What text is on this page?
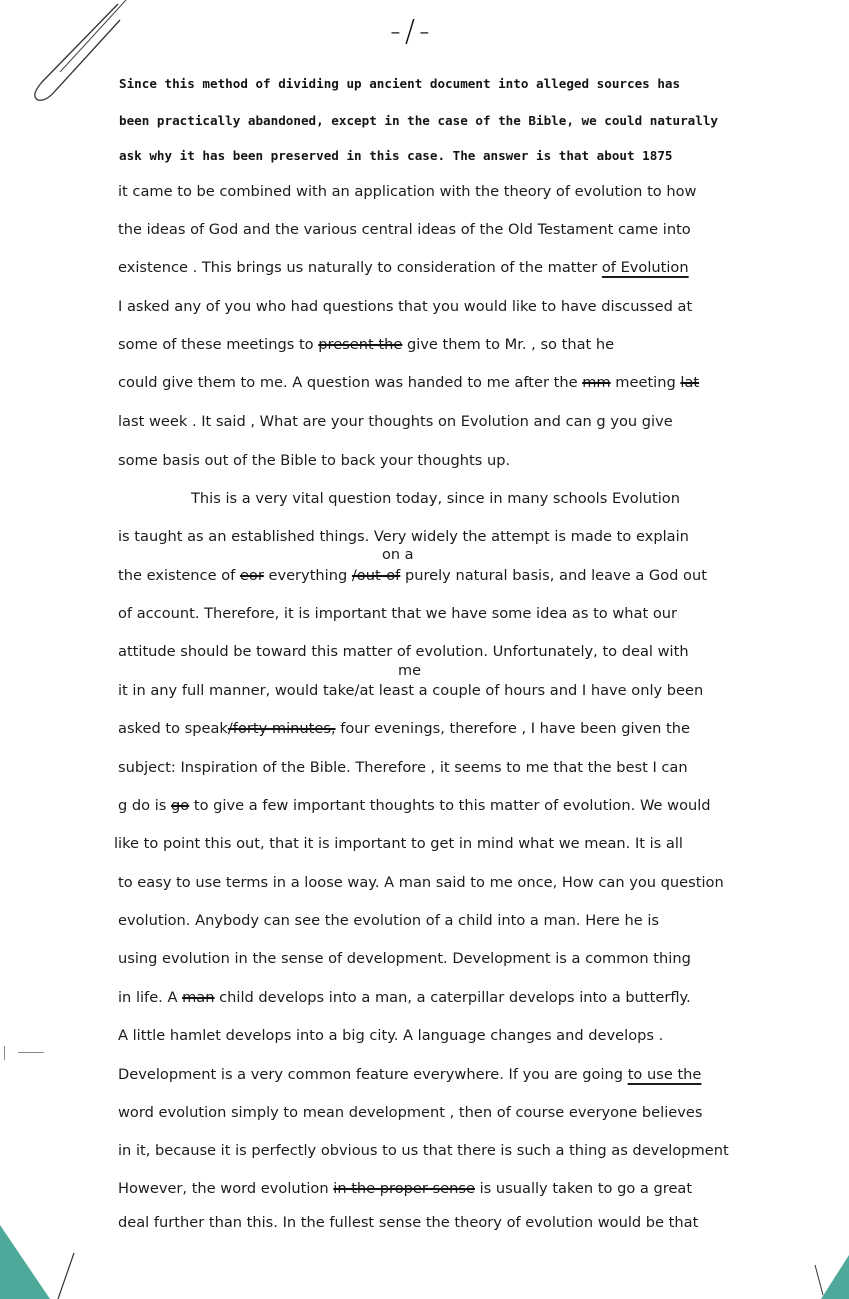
-/-
Since this method of dividing up ancient document into alleged sources has
been practically abandoned, except in the case of the Bible, we could naturally
ask why it has been preserved in this case. The answer is that about 1875
it came to be combined with an application with the theory of evolution to how
the ideas of God and the various central ideas of the Old Testament came into
existence . This brings us naturally to consideration of the matter of Evolution
I asked any of you who had questions that you would like to have discussed at
some of these meetings to present the give them to Mr. , so that he
could give them to me. A question was handed to me after the mm meeting lat
last week . It said , What are your thoughts on Evolution and can g you give
some basis out of the Bible to back your thoughts up.
This is a very vital question today, since in many schools Evolution
is taught as an established things. Very widely the attempt is made to explain
on a
the existence of eor everything /out-of purely natural basis, and leave a God out
of account. Therefore, it is important that we have some idea as to what our
attitude should be toward this matter of evolution. Unfortunately, to deal with
me
it in any full manner, would take/at least a couple of hours and I have only been
asked to speak/forty minutes, four evenings, therefore , I have been given the
subject: Inspiration of the Bible. Therefore , it seems to me that the best I can
g do is go to give a few important thoughts to this matter of evolution. We would
like to point this out, that it is important to get in mind what we mean. It is all
to easy to use terms in a loose way. A man said to me once, How can you question
evolution. Anybody can see the evolution of a child into a man. Here he is
using evolution in the sense of development. Development is a common thing
in life. A man child develops into a man, a caterpillar develops into a butterfly.
A little hamlet develops into a big city. A language changes and develops .
Development is a very common feature everywhere. If you are going to use the
word evolution simply to mean development , then of course everyone believes
in it, because it is perfectly obvious to us that there is such a thing as development
However, the word evolution in the proper sense is usually taken to go a great
deal further than this. In the fullest sense the theory of evolution would be that
